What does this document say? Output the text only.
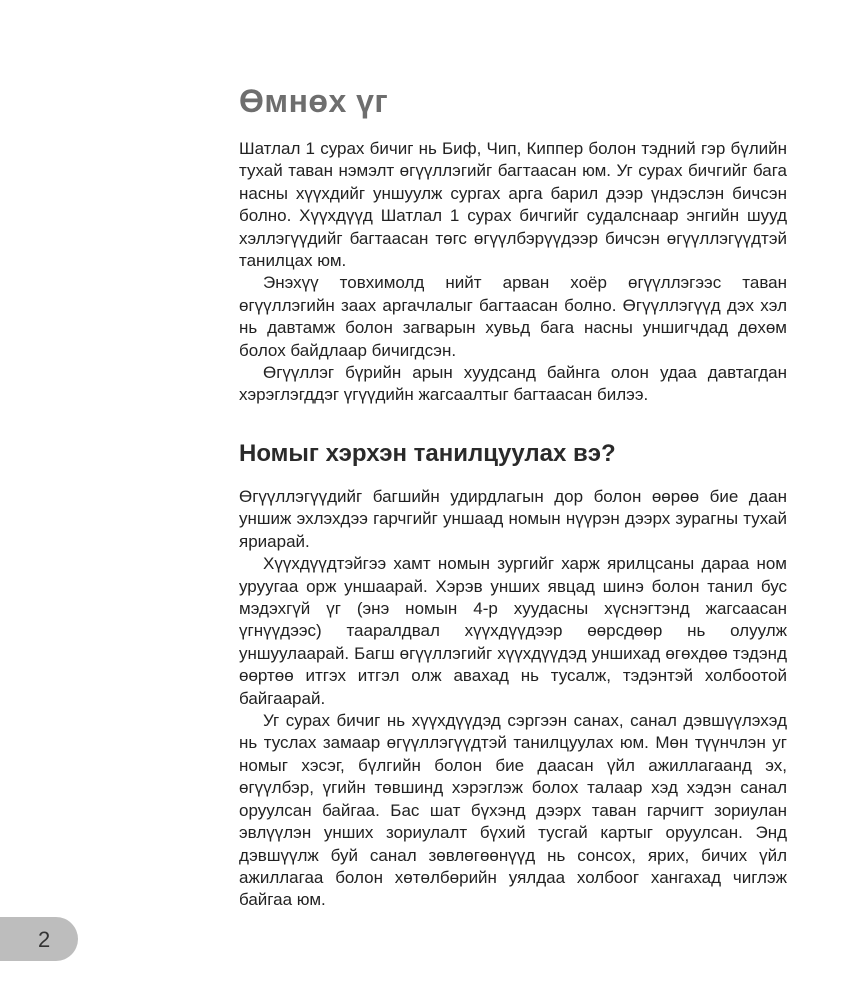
Өмнөх үг

Шатлал 1 сурах бичиг нь Биф, Чип, Киппер болон тэдний гэр бүлийн тухай таван нэмэлт өгүүллэгийг багтаасан юм. Уг сурах бичгийг бага насны хүүхдийг уншуулж сургах арга барил дээр үндэслэн бичсэн болно. Хүүхдүүд Шатлал 1 сурах бичгийг судалснаар энгийн шууд хэллэгүүдийг багтаасан төгс өгүүлбэрүүдээр бичсэн өгүүллэгүүдтэй танилцах юм.

Энэхүү товхимолд нийт арван хоёр өгүүллэгээс таван өгүүллэгийн заах аргачлалыг багтаасан болно. Өгүүллэгүүд дэх хэл нь давтамж болон загварын хувьд бага насны уншигчдад дөхөм болох байдлаар бичигдсэн.

Өгүүллэг бүрийн арын хуудсанд байнга олон удаа давтагдан хэрэглэгддэг үгүүдийн жагсаалтыг багтаасан билээ.

Номыг хэрхэн танилцуулах вэ?

Өгүүллэгүүдийг багшийн удирдлагын дор болон өөрөө бие даан уншиж эхлэхдээ гарчгийг уншаад номын нүүрэн дээрх зурагны тухай яриарай.

Хүүхдүүдтэйгээ хамт номын зургийг харж ярилцсаны дараа ном уруугаа орж уншаарай. Хэрэв унших явцад шинэ болон танил бус мэдэхгүй үг (энэ номын 4-р хуудасны хүснэгтэнд жагсаасан үгнүүдээс) тааралдвал хүүхдүүдээр өөрсдөөр нь олуулж уншуулаарай. Багш өгүүллэгийг хүүхдүүдэд уншихад өгөхдөө тэдэнд өөртөө итгэх итгэл олж авахад нь тусалж, тэдэнтэй холбоотой байгаарай.

Уг сурах бичиг нь хүүхдүүдэд сэргээн санах, санал дэвшүүлэхэд нь туслах замаар өгүүллэгүүдтэй танилцуулах юм. Мөн түүнчлэн уг номыг хэсэг, бүлгийн болон бие даасан үйл ажиллагаанд эх, өгүүлбэр, үгийн төвшинд хэрэглэж болох талаар хэд хэдэн санал оруулсан байгаа. Бас шат бүхэнд дээрх таван гарчигт зориулан эвлүүлэн унших зориулалт бүхий тусгай картыг оруулсан. Энд дэвшүүлж буй санал зөвлөгөөнүүд нь сонсох, ярих, бичих үйл ажиллагаа болон хөтөлбөрийн уялдаа холбоог хангахад чиглэж байгаа юм.

2
